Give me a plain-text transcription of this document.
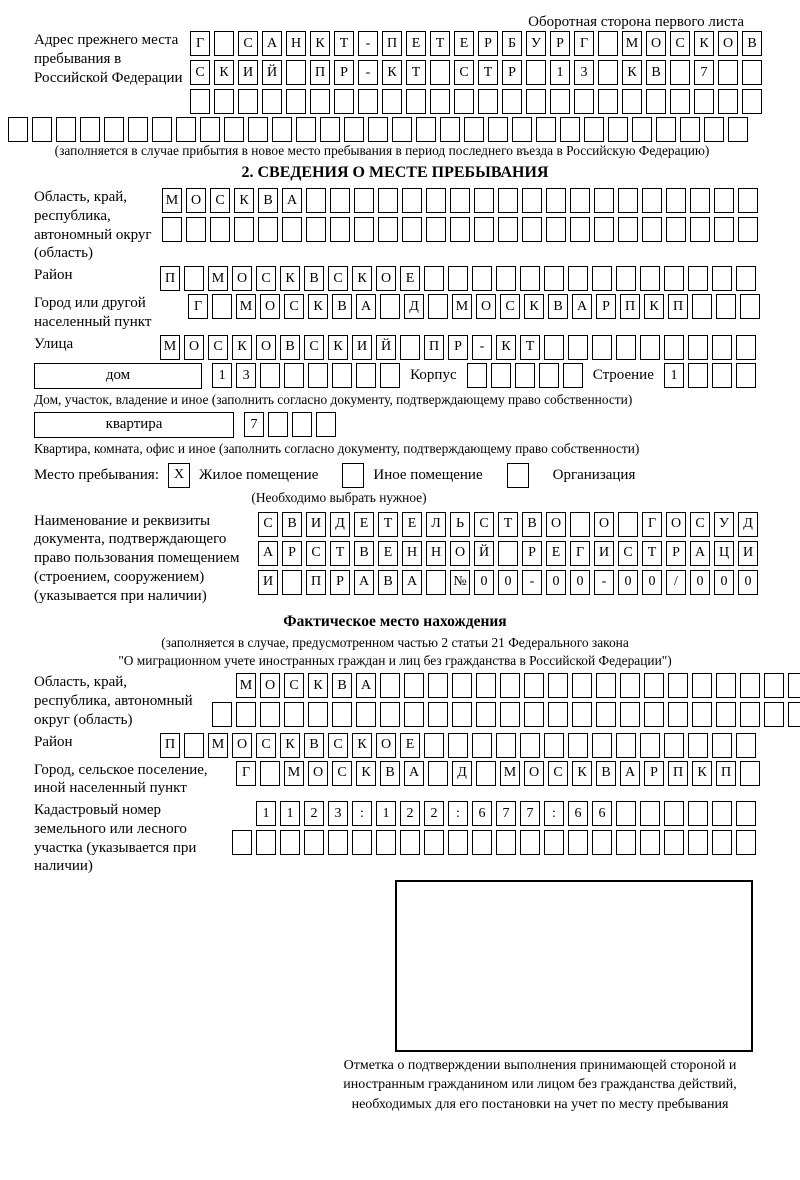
Оборотная сторона первого листа
Адрес прежнего места пребывания в Российской Федерации
Г	С	А Н	К	Т	-	П	Е	Т	Е	Р	Б	У	Р	Г	М О	С	К	О	В
С	К	И Й	П	Р	-	К	Т	С	Т	Р	1	3	К	В	7
(заполняется в случае прибытия в новое место пребывания в период последнего въезда в Российскую Федерацию)
2. СВЕДЕНИЯ О МЕСТЕ ПРЕБЫВАНИЯ
Область, край, республика, автономный округ (область)
М О	С	К	В	А
Район	П	М О	С	К	В	С	К	О	Е
Город или другой населенный пункт
Г	М О	С	К	В	А	Д	М О	С	К	В	А	Р	П	К	П
Улица	М О	С	К	О	В	С	К	И Й	П	Р	-	К	Т
дом	1	3	Корпус	Строение	1
Дом, участок, владение и иное (заполнить согласно документу, подтверждающему право собственности)
квартира	7
Квартира, комната, офис и иное (заполнить согласно документу, подтверждающему право собственности)
Место пребывания:	X Жилое помещение	Иное помещение	Организация
(Необходимо выбрать нужное)
Наименование и реквизиты документа, подтверждающего право пользования помещением (строением, сооружением) (указывается при наличии)
С	В	И	Д	Е	Т	Е	Л	Ь	С	Т	В	О	О	Г	О	С	У	Д
А	Р	С	Т	В	Е	Н Н О Й	Р	Е	Г	И	С	Т	Р	А Ц И
И	П	Р	А	В	А	№ 0	0	-	0	0	-	0	0	/	0	0	0
Фактическое место нахождения
(заполняется в случае, предусмотренном частью 2 статьи 21 Федерального закона
"О миграционном учете иностранных граждан и лиц без гражданства в Российской Федерации")
Область, край, республика, автономный округ (область)
М О	С	К	В	А
Район	П	М О	С	К	В	С	К	О	Е
Город, сельское поселение, иной населенный пункт
Г	М О	С	К	В	А	Д	М О	С	К	В	А	Р	П	К	П
Кадастровый номер земельного или лесного участка (указывается при наличии)
1	1	2	3	:	1	2	2	:	6	7	7	:	6	6
Отметка о подтверждении выполнения принимающей стороной и иностранным гражданином или лицом без гражданства действий, необходимых для его постановки на учет по месту пребывания
